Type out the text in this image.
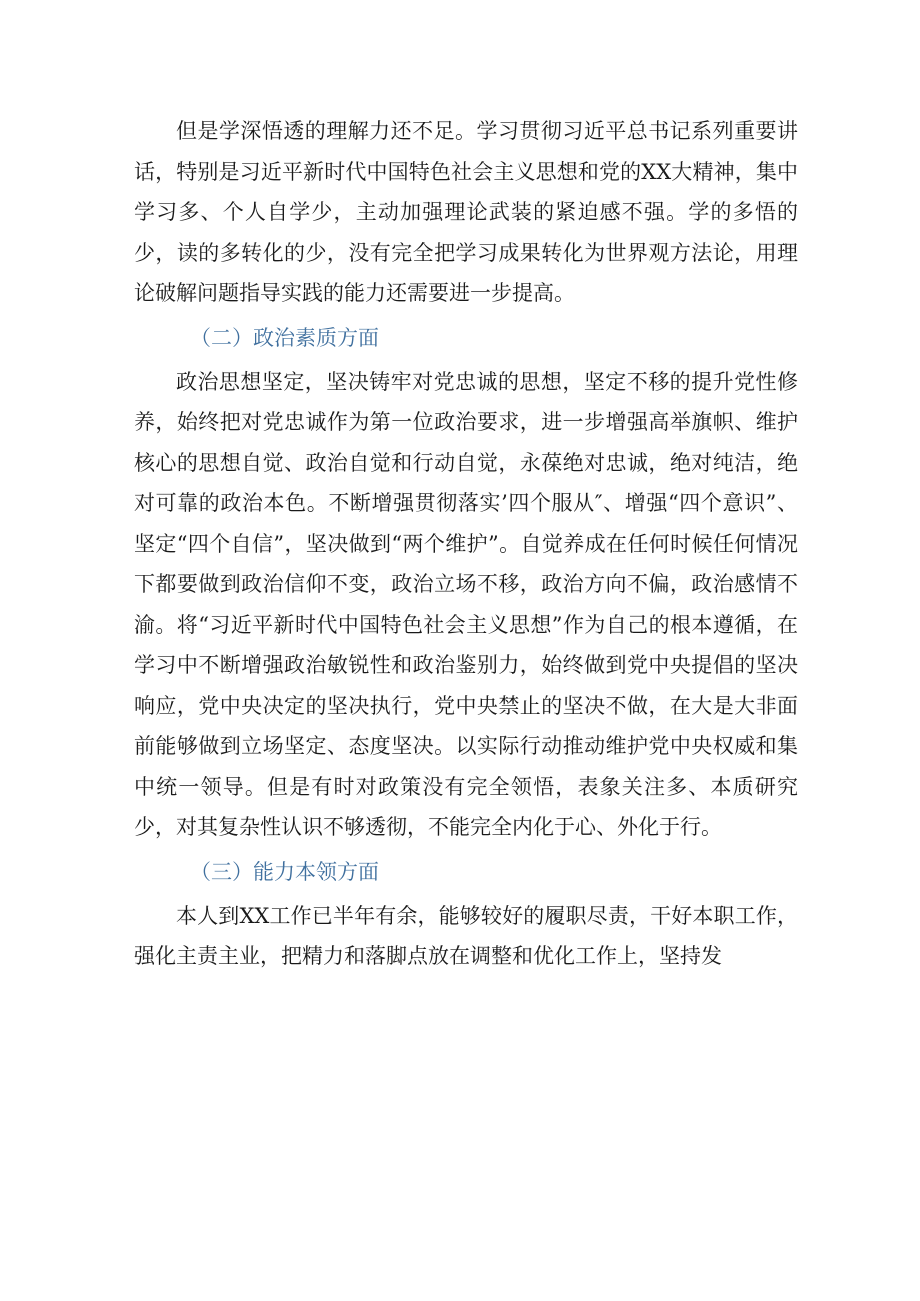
但是学深悟透的理解力还不足。学习贯彻习近平总书记系列重要讲话，特别是习近平新时代中国特色社会主义思想和党的XX大精神，集中学习多、个人自学少，主动加强理论武装的紧迫感不强。学的多悟的少，读的多转化的少，没有完全把学习成果转化为世界观方法论，用理论破解问题指导实践的能力还需要进一步提高。

（二）政治素质方面

政治思想坚定，坚决铸牢对党忠诚的思想，坚定不移的提升党性修养，始终把对党忠诚作为第一位政治要求，进一步增强高举旗帜、维护核心的思想自觉、政治自觉和行动自觉，永葆绝对忠诚，绝对纯洁，绝对可靠的政治本色。不断增强贯彻落实’四个服从″、增强“四个意识”、坚定“四个自信”，坚决做到“两个维护”。自觉养成在任何时候任何情况下都要做到政治信仰不变，政治立场不移，政治方向不偏，政治感情不渝。将“习近平新时代中国特色社会主义思想”作为自己的根本遵循，在学习中不断增强政治敏锐性和政治鉴别力，始终做到党中央提倡的坚决响应，党中央决定的坚决执行，党中央禁止的坚决不做，在大是大非面前能够做到立场坚定、态度坚决。以实际行动推动维护党中央权威和集中统一领导。但是有时对政策没有完全领悟，表象关注多、本质研究少，对其复杂性认识不够透彻，不能完全内化于心、外化于行。

（三）能力本领方面

本人到XX工作已半年有余，能够较好的履职尽责，干好本职工作，强化主责主业，把精力和落脚点放在调整和优化工作上，坚持发
